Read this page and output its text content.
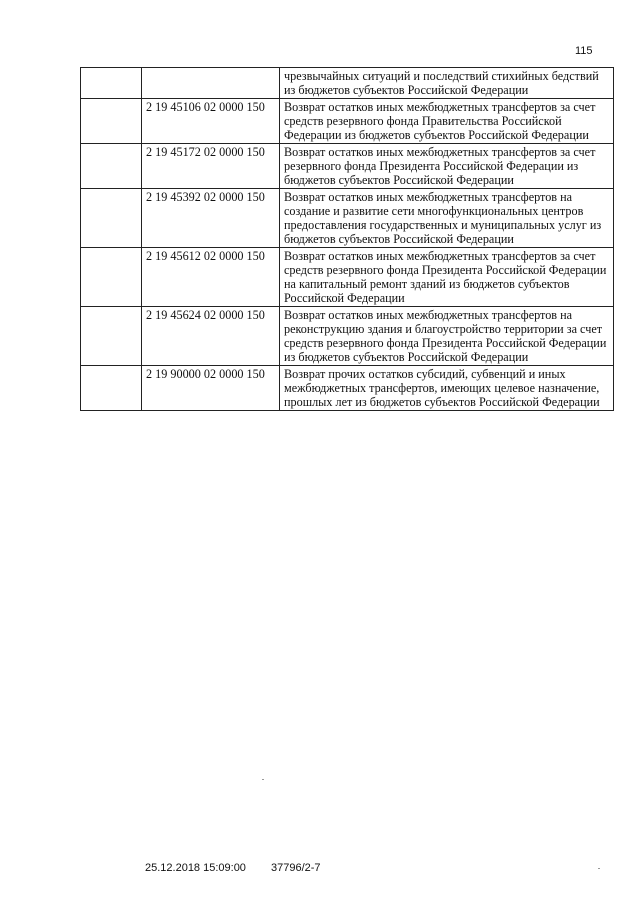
115
		чрезвычайных ситуаций и последствий стихийных бедствий из бюджетов субъектов Российской Федерации
	2 19 45106 02 0000 150	Возврат остатков иных межбюджетных трансфертов за счет средств резервного фонда Правительства Российской Федерации из бюджетов субъектов Российской Федерации
	2 19 45172 02 0000 150	Возврат остатков иных межбюджетных трансфертов за счет резервного фонда Президента Российской Федерации из бюджетов субъектов Российской Федерации
	2 19 45392 02 0000 150	Возврат остатков иных межбюджетных трансфертов на создание и развитие сети многофункциональных центров предоставления государственных и муниципальных услуг из бюджетов субъектов Российской Федерации
	2 19 45612 02 0000 150	Возврат остатков иных межбюджетных трансфертов за счет средств резервного фонда Президента Российской Федерации на капитальный ремонт зданий из бюджетов субъектов Российской Федерации
	2 19 45624 02 0000 150	Возврат остатков иных межбюджетных трансфертов на реконструкцию здания и благоустройство территории за счет средств резервного фонда Президента Российской Федерации из бюджетов субъектов Российской Федерации
	2 19 90000 02 0000 150	Возврат прочих остатков субсидий, субвенций и иных межбюджетных трансфертов, имеющих целевое назначение, прошлых лет из бюджетов субъектов Российской Федерации
25.12.2018 15:09:00 37796/2-7
